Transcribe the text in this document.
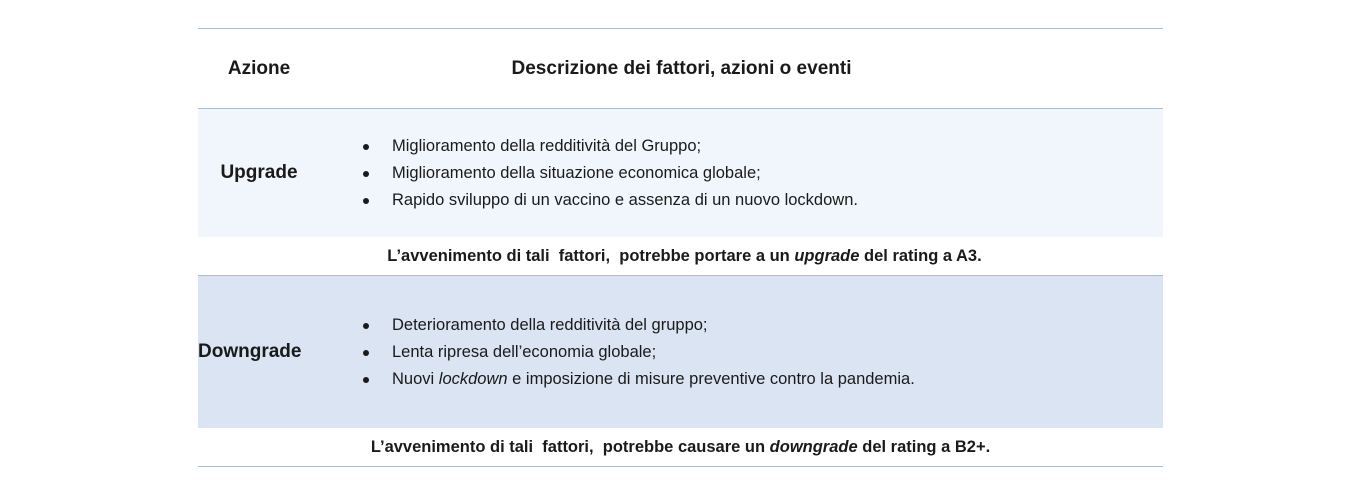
Azione	Descrizione dei fattori, azioni o eventi
Upgrade
Miglioramento della redditività del Gruppo;
Miglioramento della situazione economica globale;
Rapido sviluppo di un vaccino e assenza di un nuovo lockdown.
L’avvenimento di tali  fattori,  potrebbe portare a un upgrade del rating a A3.
Downgrade
Deterioramento della redditività del gruppo;
Lenta ripresa dell’economia globale;
Nuovi lockdown e imposizione di misure preventive contro la pandemia.
L’avvenimento di tali  fattori,  potrebbe causare un downgrade del rating a B2+.
